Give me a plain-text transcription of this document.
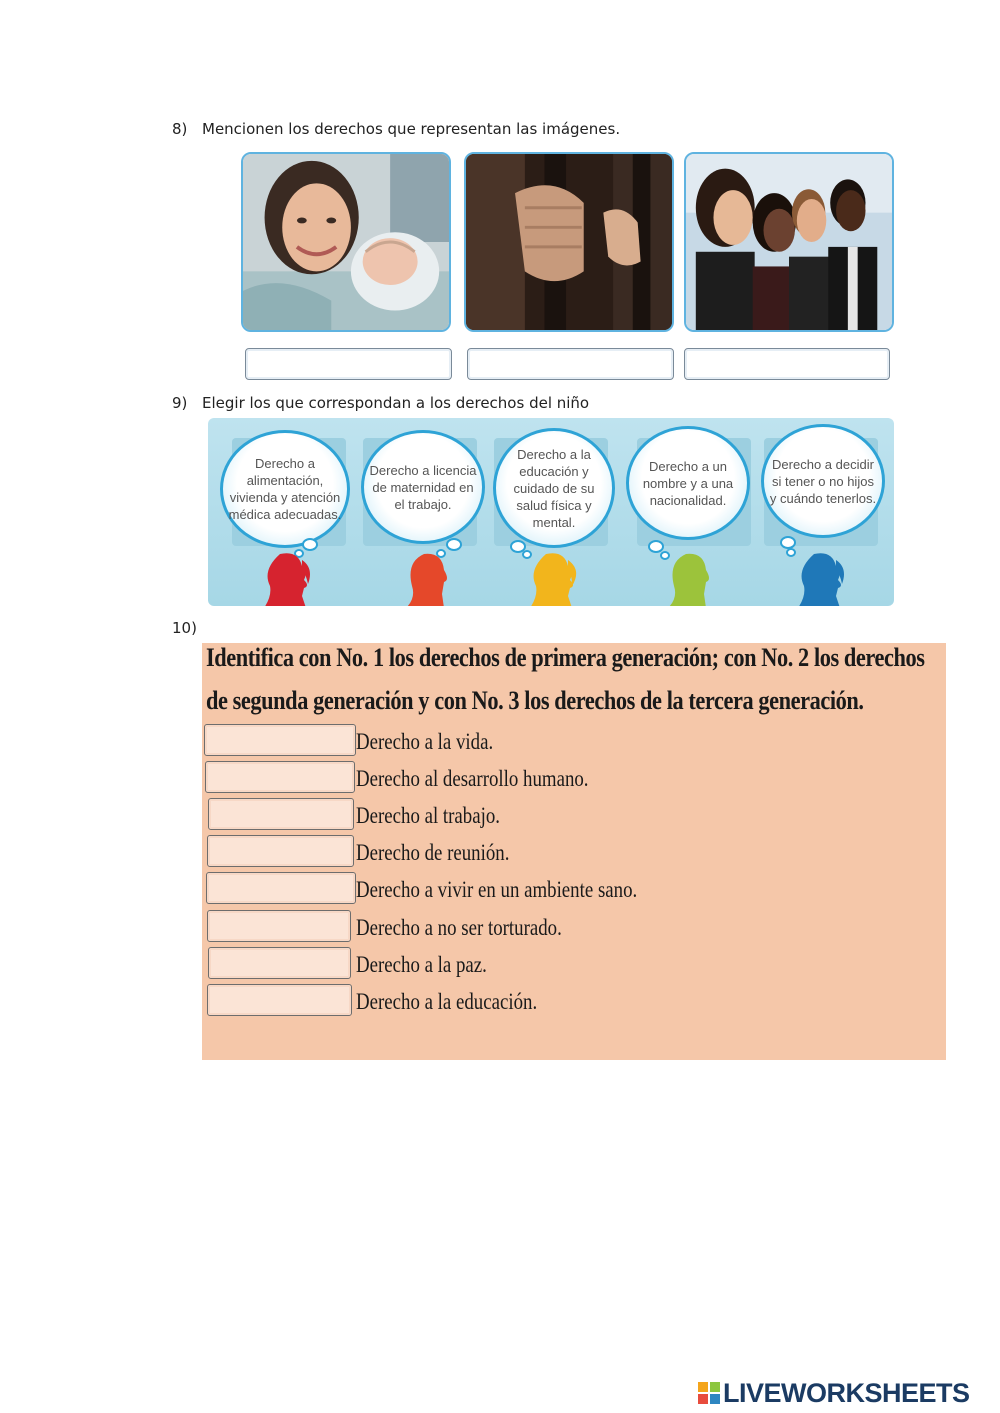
8) Mencionen los derechos que representan las imágenes.
9) Elegir los que correspondan a los derechos del niño
Derecho a alimentación, vivienda y atención médica adecuadas.
Derecho a licencia de maternidad en el trabajo.
Derecho a la educación y cuidado de su salud física y mental.
Derecho a un nombre y a una nacionalidad.
Derecho a decidir si tener o no hijos y cuándo tenerlos.
10)
Identifica con No. 1 los derechos de primera generación; con No. 2 los derechos
de segunda generación y con No. 3 los derechos de la tercera generación.
Derecho a la vida.
Derecho al desarrollo humano.
Derecho al trabajo.
Derecho de reunión.
Derecho a vivir en un ambiente sano.
Derecho a no ser torturado.
Derecho a la paz.
Derecho a la educación.
LIVEWORKSHEETS
